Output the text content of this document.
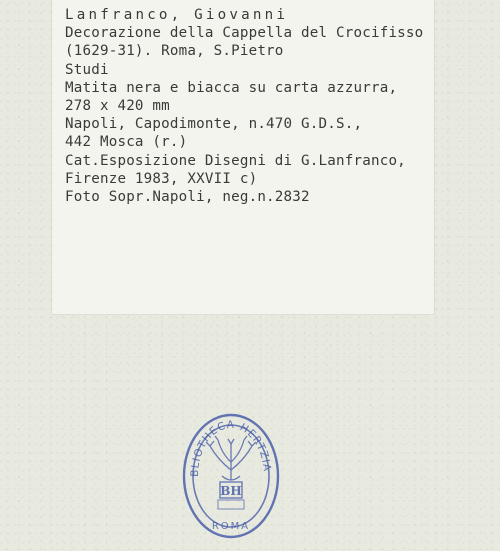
Lanfranco, Giovanni
Decorazione della Cappella del Crocifisso
(1629-31). Roma, S.Pietro
Studi
Matita nera e biacca su carta azzurra,
278 x 420 mm
Napoli, Capodimonte, n.470 G.D.S.,
442 Mosca (r.)
Cat.Esposizione Disegni di G.Lanfranco,
Firenze 1983, XXVII c)
Foto Sopr.Napoli, neg.n.2832
BLIOTHECA HERTZIA
BH
ROMA
